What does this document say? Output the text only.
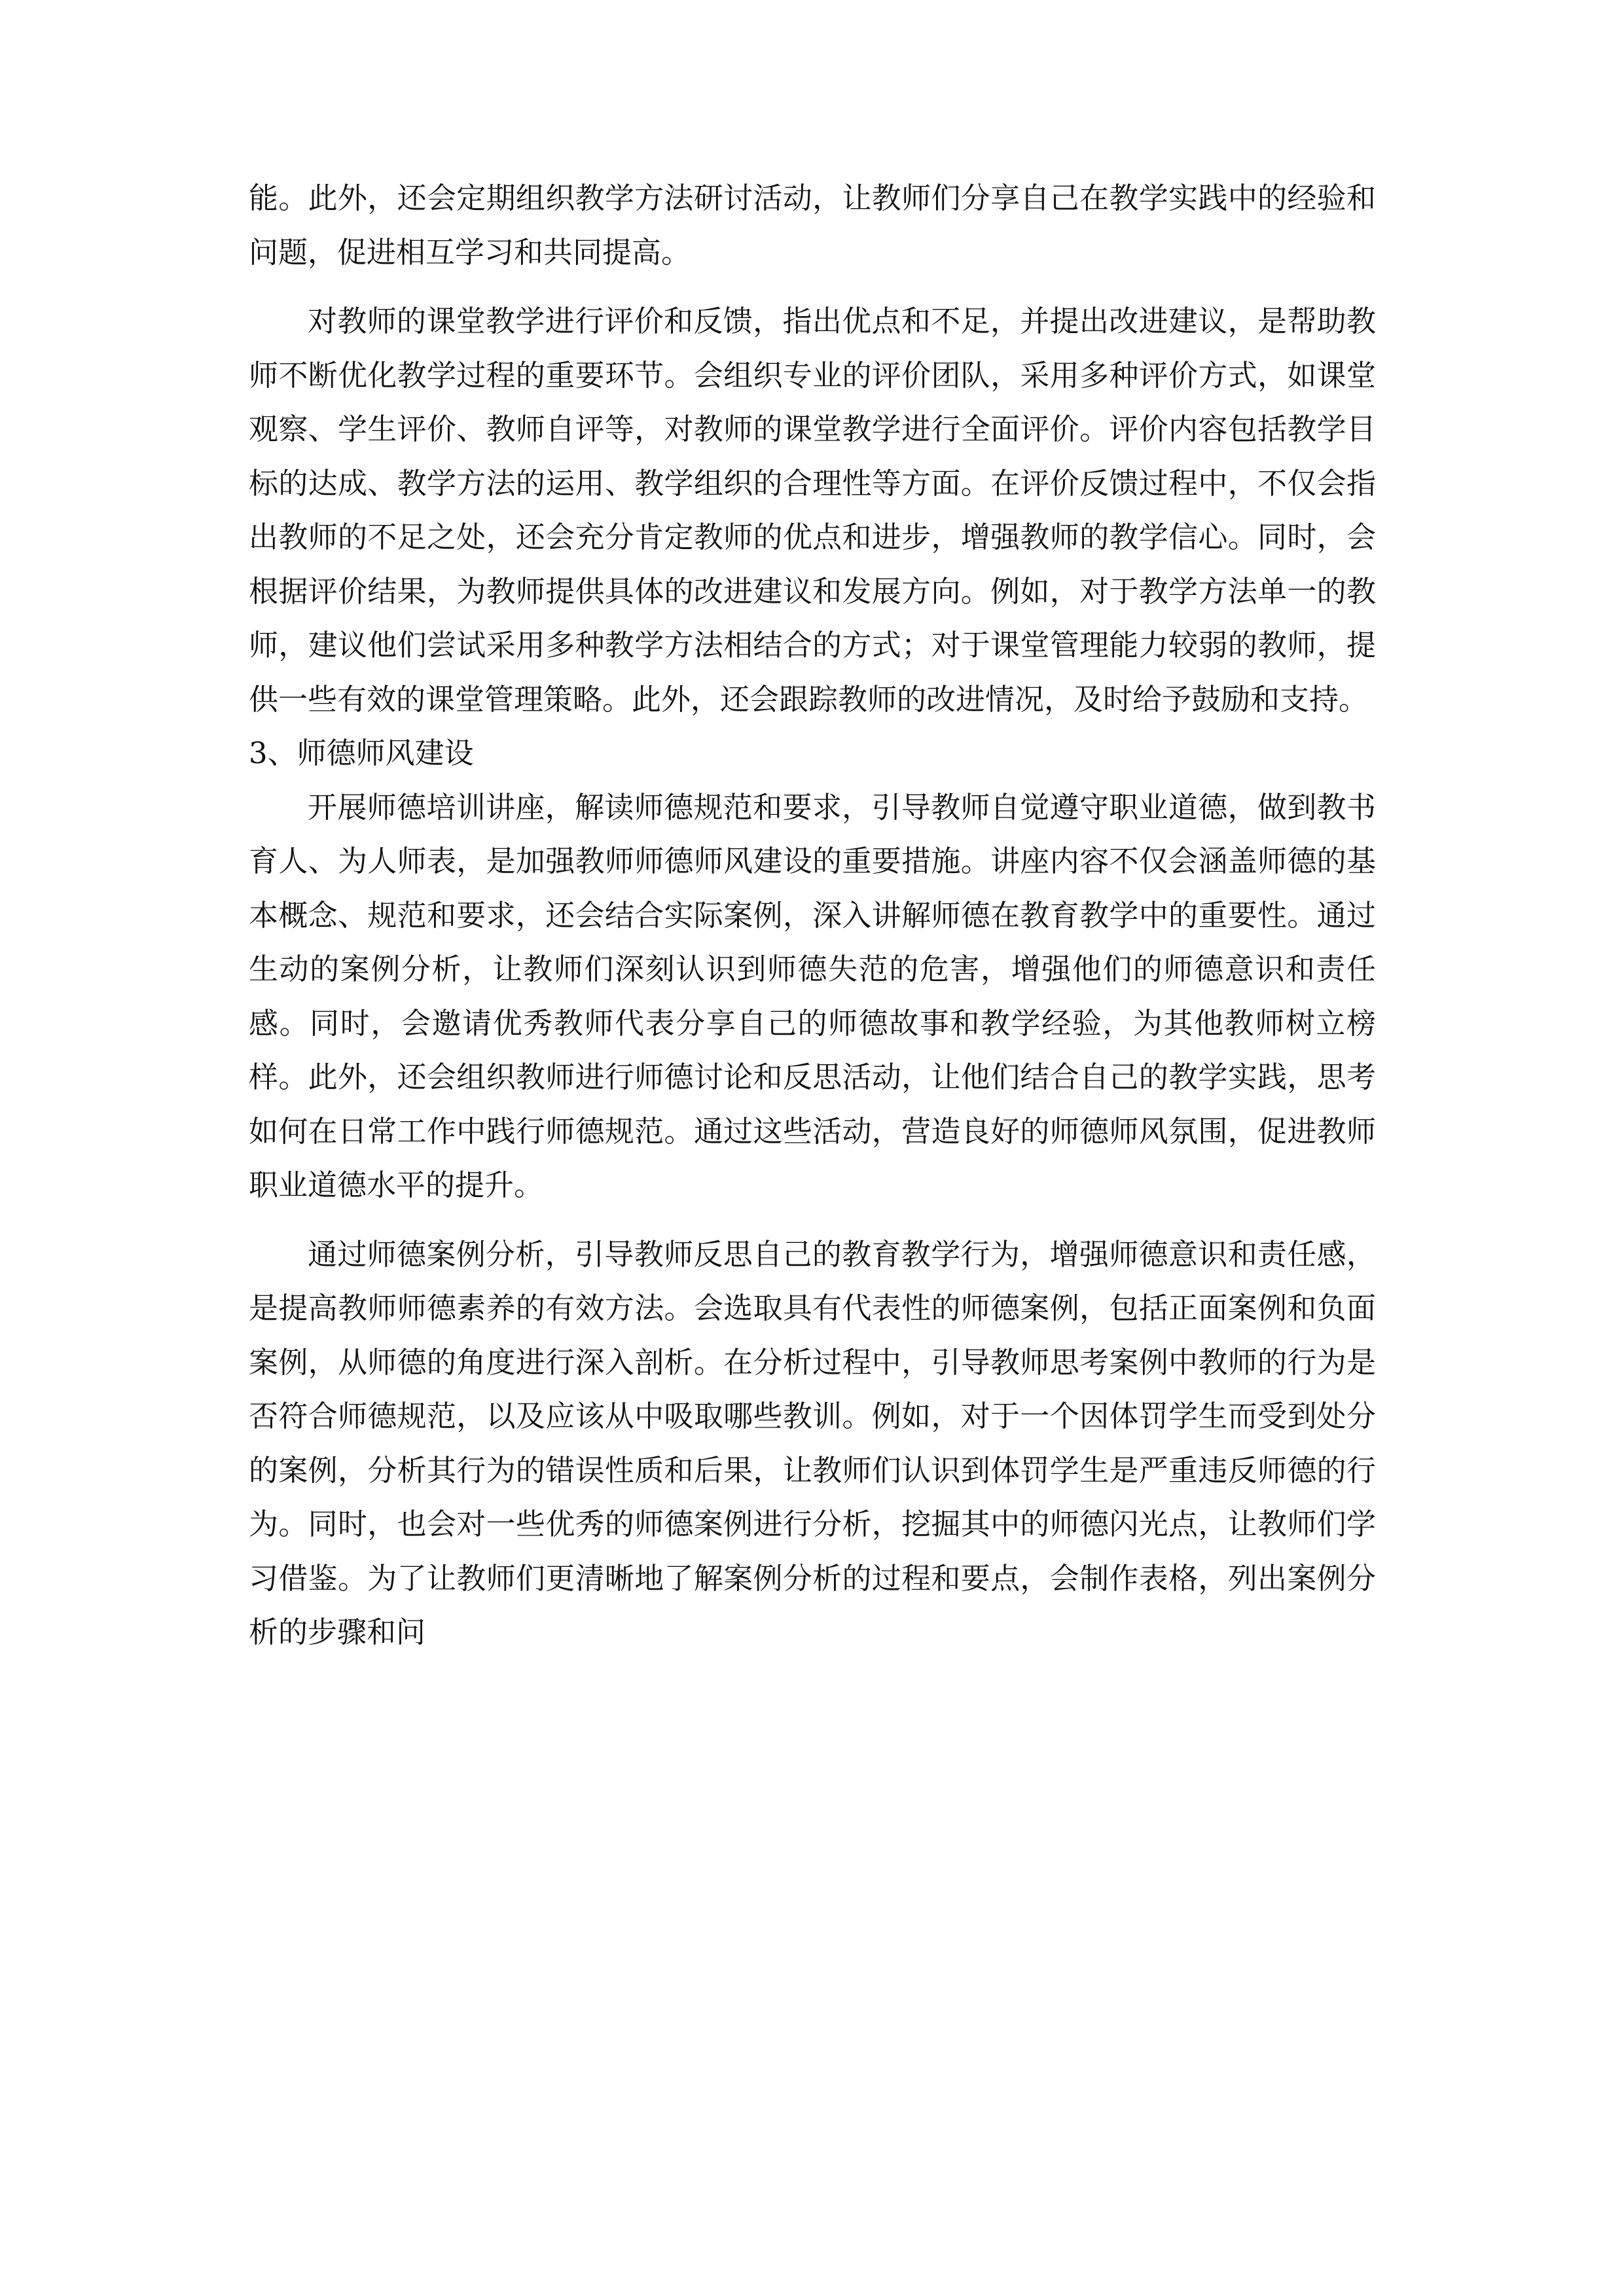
能。此外，还会定期组织教学方法研讨活动，让教师们分享自己在教学实践中的经验和问题，促进相互学习和共同提高。

对教师的课堂教学进行评价和反馈，指出优点和不足，并提出改进建议，是帮助教师不断优化教学过程的重要环节。会组织专业的评价团队，采用多种评价方式，如课堂观察、学生评价、教师自评等，对教师的课堂教学进行全面评价。评价内容包括教学目标的达成、教学方法的运用、教学组织的合理性等方面。在评价反馈过程中，不仅会指出教师的不足之处，还会充分肯定教师的优点和进步，增强教师的教学信心。同时，会根据评价结果，为教师提供具体的改进建议和发展方向。例如，对于教学方法单一的教师，建议他们尝试采用多种教学方法相结合的方式；对于课堂管理能力较弱的教师，提供一些有效的课堂管理策略。此外，还会跟踪教师的改进情况，及时给予鼓励和支持。

3、师德师风建设

开展师德培训讲座，解读师德规范和要求，引导教师自觉遵守职业道德，做到教书育人、为人师表，是加强教师师德师风建设的重要措施。讲座内容不仅会涵盖师德的基本概念、规范和要求，还会结合实际案例，深入讲解师德在教育教学中的重要性。通过生动的案例分析，让教师们深刻认识到师德失范的危害，增强他们的师德意识和责任感。同时，会邀请优秀教师代表分享自己的师德故事和教学经验，为其他教师树立榜样。此外，还会组织教师进行师德讨论和反思活动，让他们结合自己的教学实践，思考如何在日常工作中践行师德规范。通过这些活动，营造良好的师德师风氛围，促进教师职业道德水平的提升。

通过师德案例分析，引导教师反思自己的教育教学行为，增强师德意识和责任感，是提高教师师德素养的有效方法。会选取具有代表性的师德案例，包括正面案例和负面案例，从师德的角度进行深入剖析。在分析过程中，引导教师思考案例中教师的行为是否符合师德规范，以及应该从中吸取哪些教训。例如，对于一个因体罚学生而受到处分的案例，分析其行为的错误性质和后果，让教师们认识到体罚学生是严重违反师德的行为。同时，也会对一些优秀的师德案例进行分析，挖掘其中的师德闪光点，让教师们学习借鉴。为了让教师们更清晰地了解案例分析的过程和要点，会制作表格，列出案例分析的步骤和问
